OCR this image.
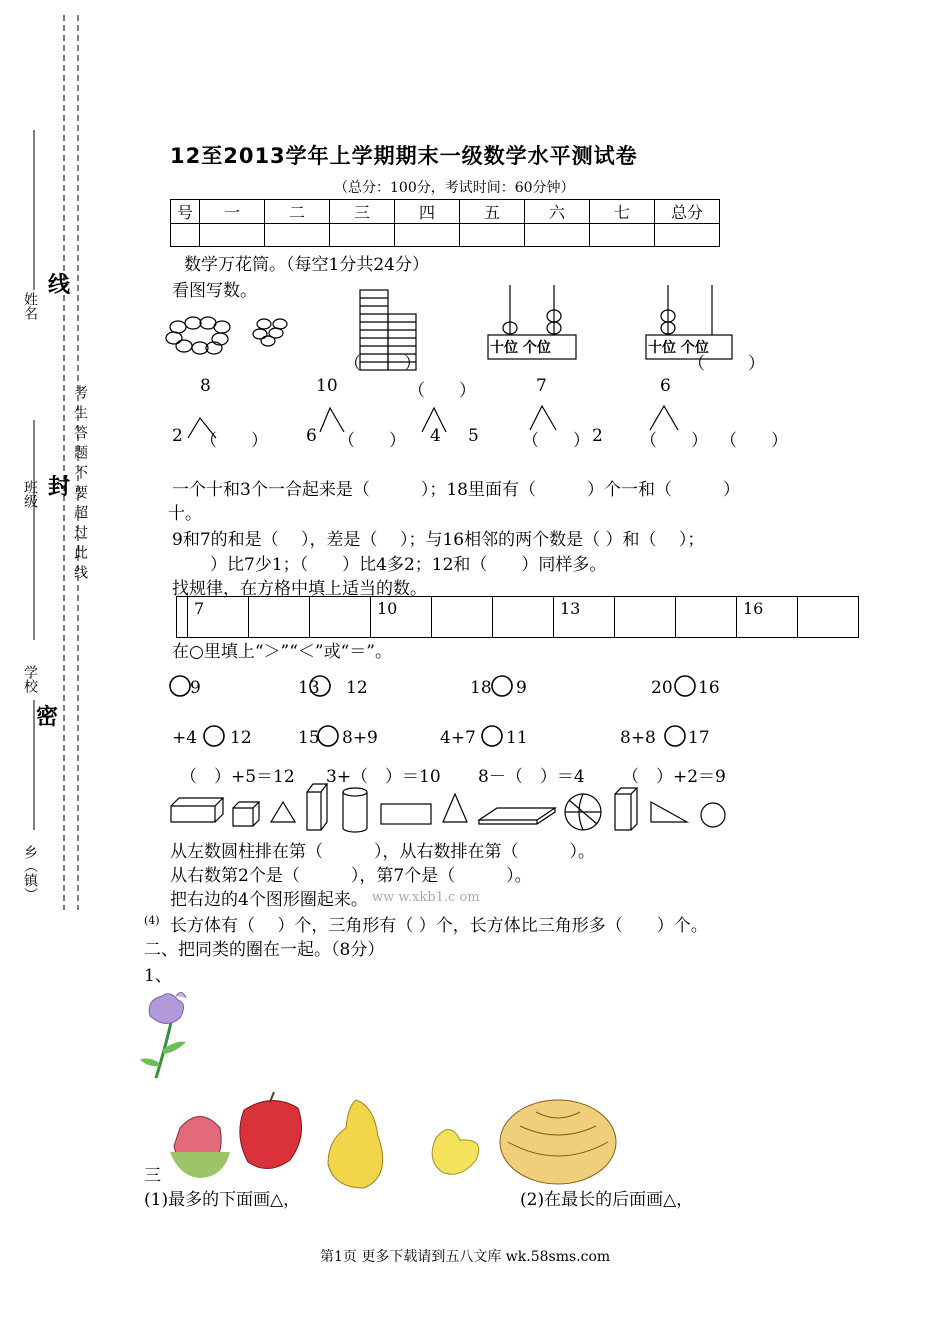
姓名
线
班级 封 考生答题不要超过此线
学校
密
乡（镇）
12至2013学年上学期期末一级数学水平测试卷
（总分：100分，考试时间：60分钟）
号	一	二	三	四	五	六	七	总分

数学万花筒。（每空1分共24分）
看图写数。
十位 个位	十位 个位
（	）	（	）
8	10	（　　）	7	6
2 （　　） 6 （　　） 4 5	（　　） 2 （　　） （　　）
一个十和3个一合起来是（　　　）；18里面有（　　　）个一和（　　　）
十。
9和7的和是（　 ），差是（　 ）；与16相邻的两个数是（ ）和（　 ）；
）比7少1；（　　）比4多2；12和（　　）同样多。
找规律，在方格中填上适当的数。
	7			10			13			16	
在○里填上“＞”“＜”或“＝”。
9	13 12	18 9	20 16
+4 12	15 8+9	4+7 11	8+8 17
（　）+5＝12 3+（　）＝10 8－（　）＝4 （　）+2＝9
从左数圆柱排在第（　　　），从右数排在第（　　　）。
从右数第2个是（　　　），第7个是（　　　）。
把右边的4个图形圈起来。 ww w.xkb1.c om
(4) 长方体有（　 ）个，三角形有（ ）个，长方体比三角形多（　　）个。
二、把同类的圈在一起。（8分）
1、
三
(1)最多的下面画△，	(2)在最长的后面画△，
第1页 更多下载请到五八文库 wk.58sms.com
